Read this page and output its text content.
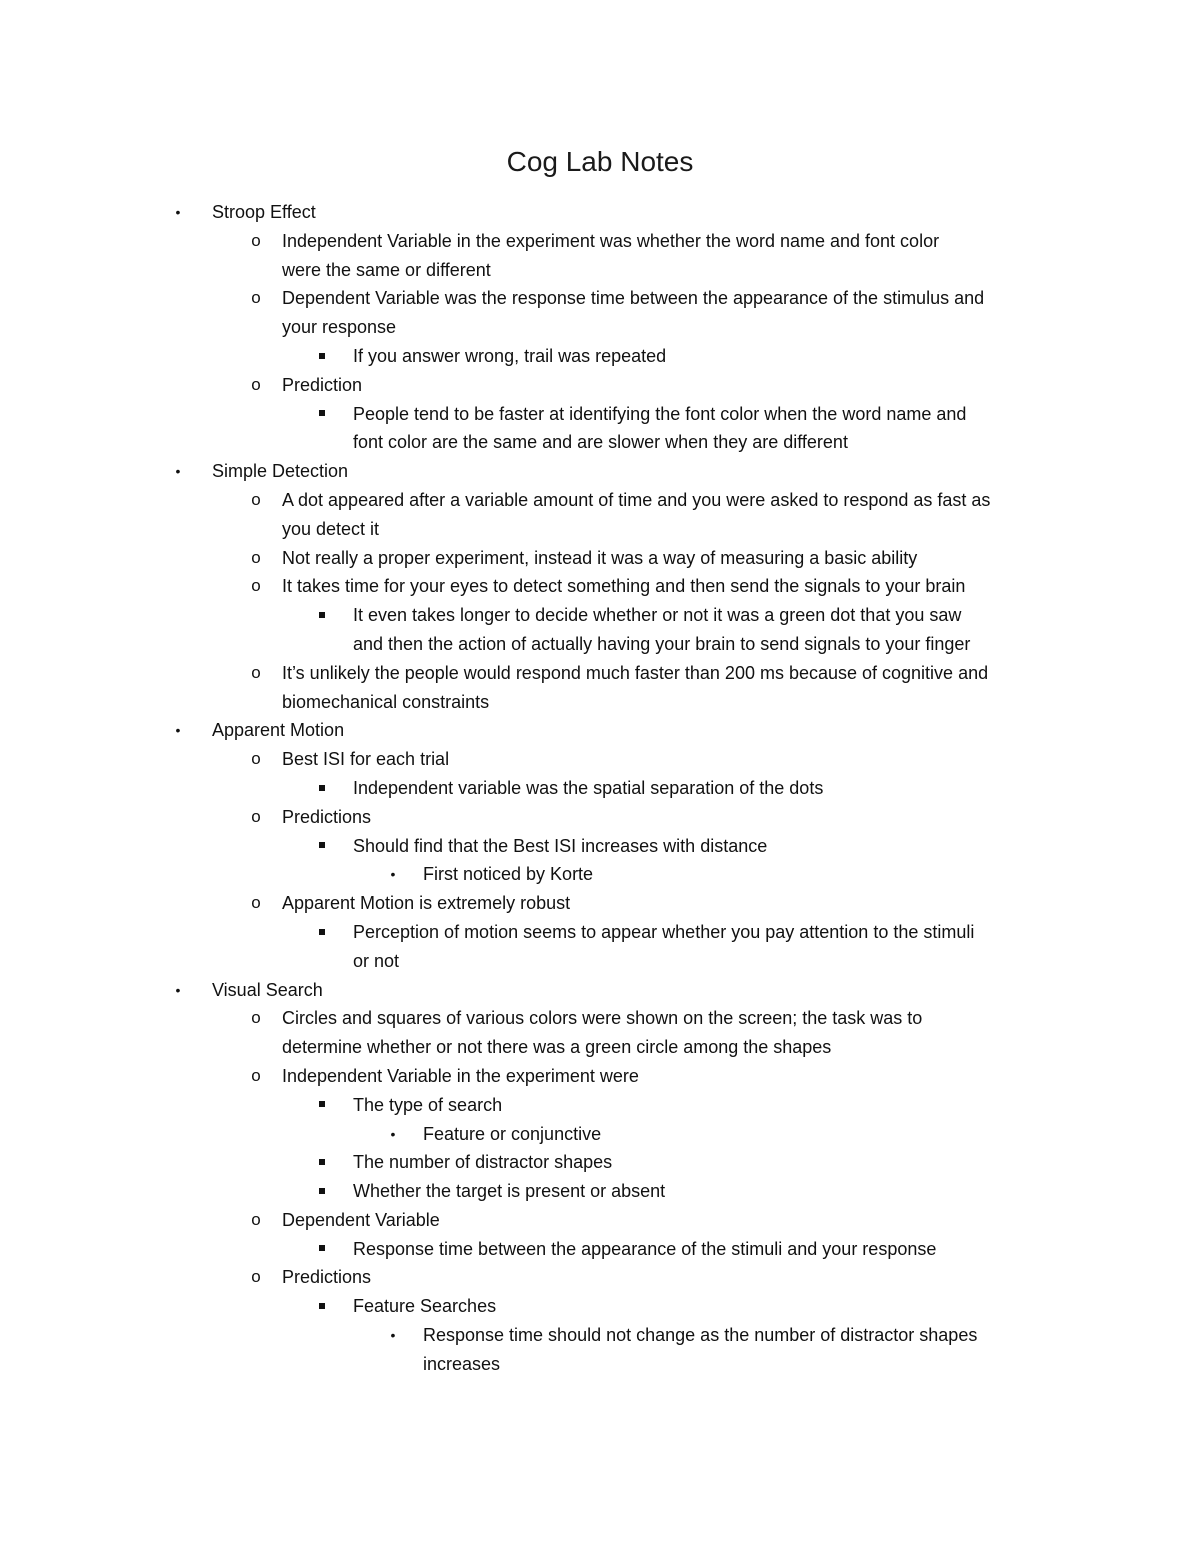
Cog Lab Notes
•	Stroop Effect
o Independent Variable in the experiment was whether the word name and font color
were the same or different
o Dependent Variable was the response time between the appearance of the stimulus and
your response
If you answer wrong, trail was repeated
o Prediction
People tend to be faster at identifying the font color when the word name and
font color are the same and are slower when they are different
•	Simple Detection
o A dot appeared after a variable amount of time and you were asked to respond as fast as
you detect it
o Not really a proper experiment, instead it was a way of measuring a basic ability
o It takes time for your eyes to detect something and then send the signals to your brain
It even takes longer to decide whether or not it was a green dot that you saw
and then the action of actually having your brain to send signals to your finger
o It’s unlikely the people would respond much faster than 200 ms because of cognitive and
biomechanical constraints
•	Apparent Motion
o Best ISI for each trial
Independent variable was the spatial separation of the dots
o Predictions
Should find that the Best ISI increases with distance
•	First noticed by Korte
o Apparent Motion is extremely robust
Perception of motion seems to appear whether you pay attention to the stimuli
or not
•	Visual Search
o Circles and squares of various colors were shown on the screen; the task was to
determine whether or not there was a green circle among the shapes
o Independent Variable in the experiment were
The type of search
•	Feature or conjunctive
The number of distractor shapes
Whether the target is present or absent
o Dependent Variable
Response time between the appearance of the stimuli and your response
o Predictions
Feature Searches
•	Response time should not change as the number of distractor shapes
increases
